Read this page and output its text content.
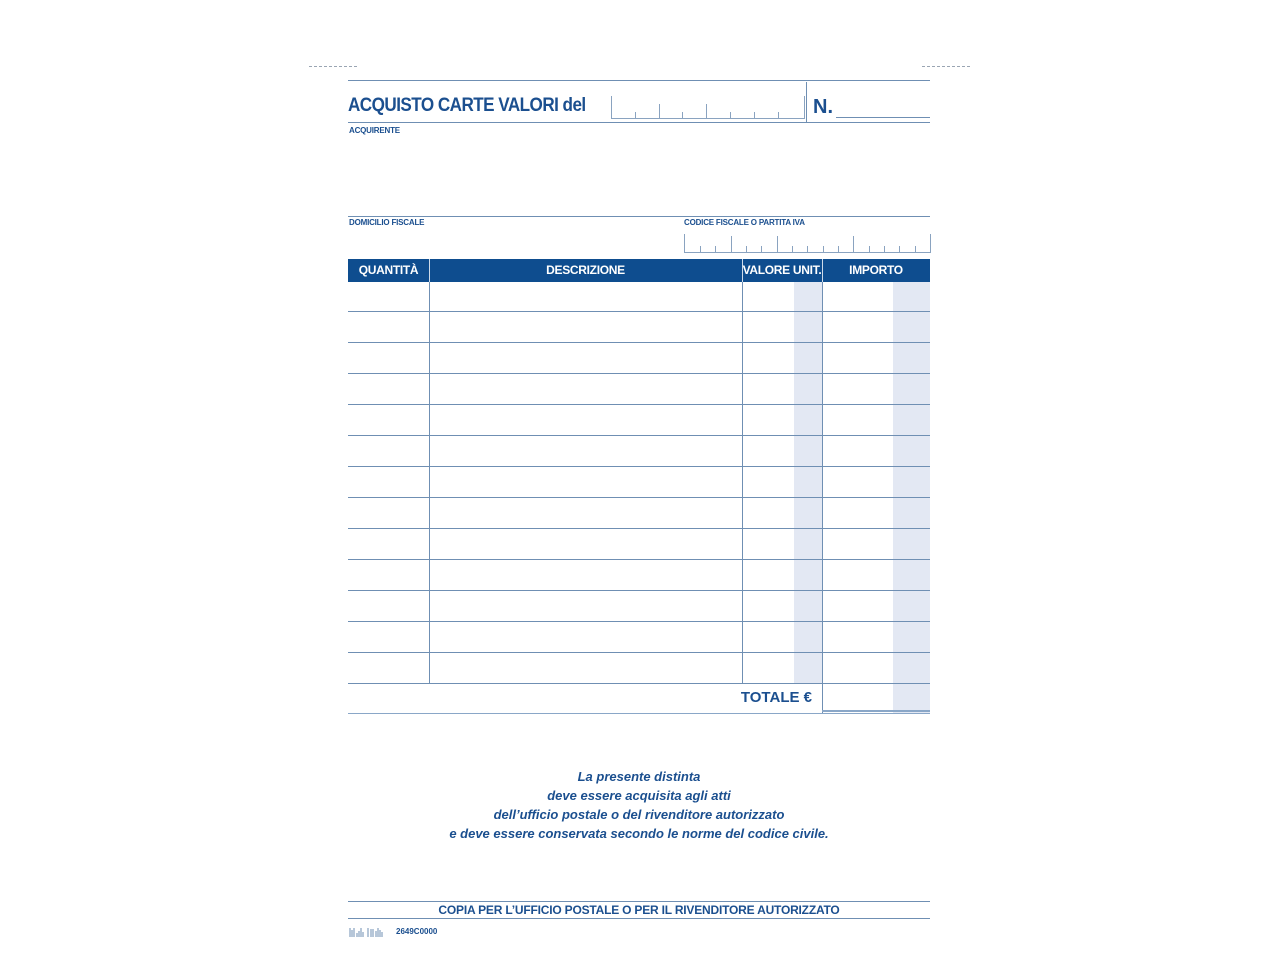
ACQUISTO CARTE VALORI del	N.
ACQUIRENTE
DOMICILIO FISCALE	CODICE FISCALE O PARTITA IVA
QUANTITÀ	DESCRIZIONE	VALORE UNIT.	IMPORTO
TOTALE €
La presente distinta
deve essere acquisita agli atti
dell’ufficio postale o del rivenditore autorizzato
e deve essere conservata secondo le norme del codice civile.
COPIA PER L’UFFICIO POSTALE O PER IL RIVENDITORE AUTORIZZATO
2649C0000
